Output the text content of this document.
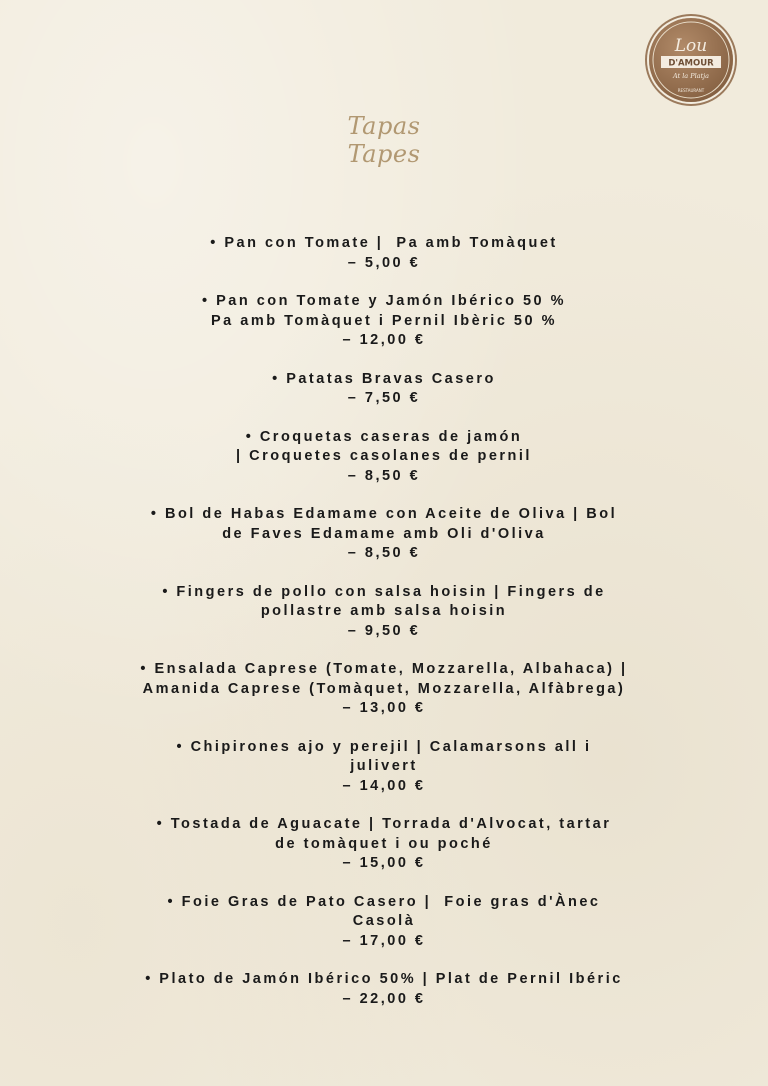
Lou
D'AMOUR
At la Platja
RESTAURANT
Tapas
Tapes
• Pan con Tomate |  Pa amb Tomàquet
– 5,00 €
• Pan con Tomate y Jamón Ibérico 50 %
Pa amb Tomàquet i Pernil Ibèric 50 %
– 12,00 €
• Patatas Bravas Casero
– 7,50 €
• Croquetas caseras de jamón
| Croquetes casolanes de pernil
– 8,50 €
• Bol de Habas Edamame con Aceite de Oliva | Bol
de Faves Edamame amb Oli d'Oliva
– 8,50 €
• Fingers de pollo con salsa hoisin | Fingers de
pollastre amb salsa hoisin
– 9,50 €
• Ensalada Caprese (Tomate, Mozzarella, Albahaca) |
Amanida Caprese (Tomàquet, Mozzarella, Alfàbrega)
– 13,00 €
• Chipirones ajo y perejil | Calamarsons all i
julivert
– 14,00 €
• Tostada de Aguacate | Torrada d'Alvocat, tartar
de tomàquet i ou poché
– 15,00 €
• Foie Gras de Pato Casero |  Foie gras d'Ànec
Casolà
– 17,00 €
• Plato de Jamón Ibérico 50% | Plat de Pernil Ibéric
– 22,00 €
